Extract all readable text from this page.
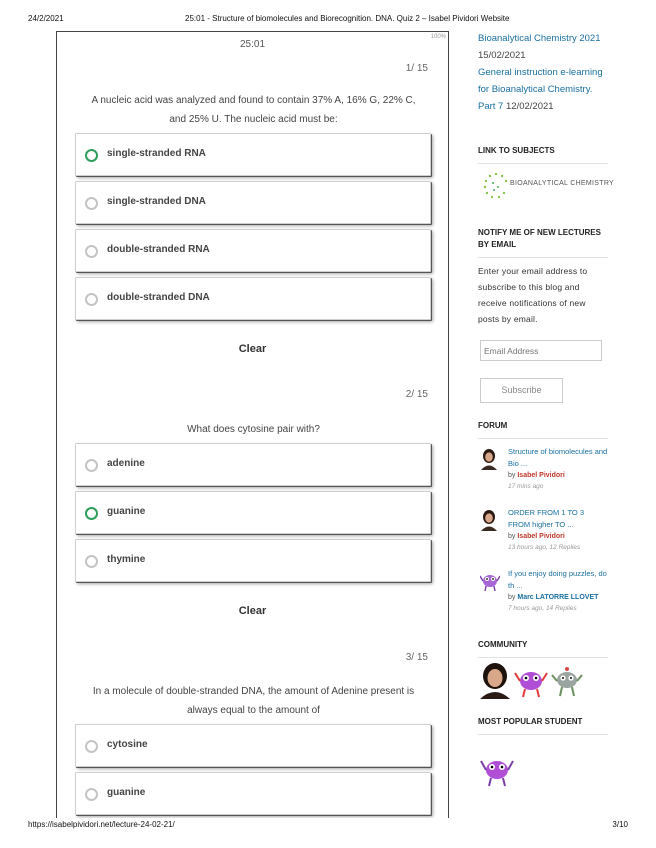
24/2/2021	25:01 - Structure of biomolecules and Biorecognition. DNA. Quiz 2 – Isabel Pividori Website
25:01
100%
1/ 15
A nucleic acid was analyzed and found to contain 37% A, 16% G, 22% C, and 25% U. The nucleic acid must be:
single-stranded RNA
single-stranded DNA
double-stranded RNA
double-stranded DNA
Clear
2/ 15
What does cytosine pair with?
adenine
guanine
thymine
Clear
3/ 15
In a molecule of double-stranded DNA, the amount of Adenine present is always equal to the amount of
cytosine
guanine
Bioanalytical Chemistry 2021 15/02/2021
General instruction e-learning for Bioanalytical Chemistry. Part 7 12/02/2021
LINK TO SUBJECTS
BIOANALYTICAL CHEMISTRY
NOTIFY ME OF NEW LECTURES BY EMAIL
Enter your email address to subscribe to this blog and receive notifications of new posts by email.
Email Address
Subscribe
FORUM
Structure of biomolecules and Bio ...
by Isabel Pividori
17 mins ago
ORDER FROM 1 TO 3 FROM higher TO ...
by Isabel Pividori
13 hours ago, 12 Replies
If you enjoy doing puzzles, do th ...
by Marc LATORRE LLOVET
7 hours ago, 14 Replies
COMMUNITY
MOST POPULAR STUDENT
https://isabelpividori.net/lecture-24-02-21/	3/10
